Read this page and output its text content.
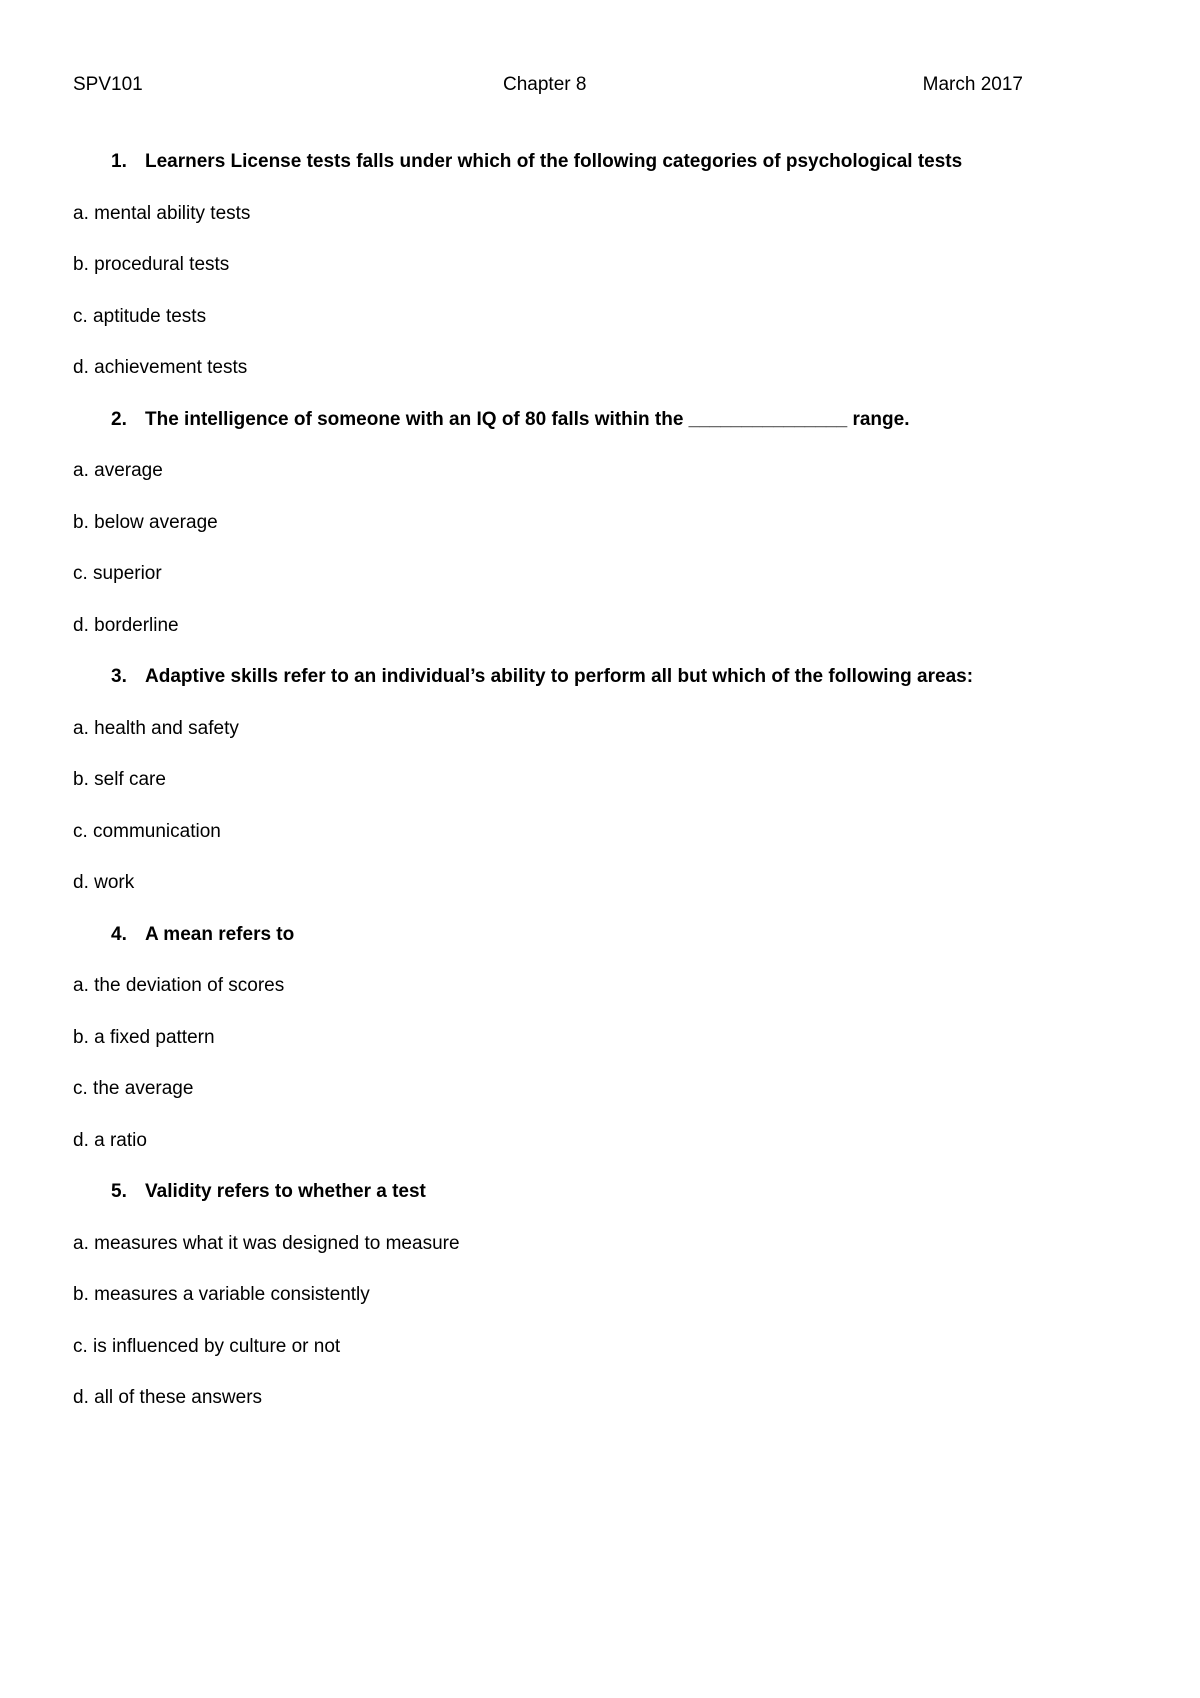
SPV101	Chapter 8	March 2017
1. Learners License tests falls under which of the following categories of psychological tests
a. mental ability tests
b. procedural tests
c. aptitude tests
d. achievement tests
2. The intelligence of someone with an IQ of 80 falls within the _______________ range.
a. average
b. below average
c. superior
d. borderline
3. Adaptive skills refer to an individual’s ability to perform all but which of the following areas:
a. health and safety
b. self care
c. communication
d. work
4. A mean refers to
a. the deviation of scores
b. a fixed pattern
c. the average
d. a ratio
5. Validity refers to whether a test
a. measures what it was designed to measure
b. measures a variable consistently
c. is influenced by culture or not
d. all of these answers
